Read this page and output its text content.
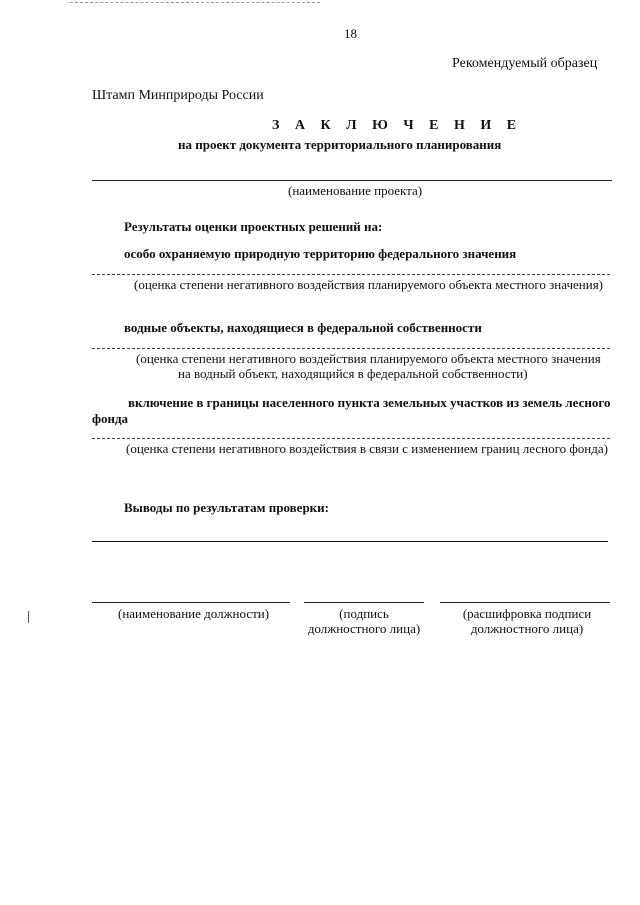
18
Рекомендуемый образец
Штамп Минприроды России
З А К Л Ю Ч Е Н И Е
на проект документа территориального планирования
(наименование проекта)
Результаты оценки проектных решений на:
особо охраняемую природную территорию федерального значения
(оценка степени негативного воздействия планируемого объекта местного значения)
водные объекты, находящиеся в федеральной собственности
(оценка степени негативного воздействия планируемого объекта местного значения
на водный объект, находящийся в федеральной собственности)
включение в границы населенного пункта земельных участков из земель лесного
фонда
(оценка степени негативного воздействия в связи с изменением границ лесного фонда)
Выводы по результатам проверки:
(наименование должности)	(подпись
должностного лица)
(расшифровка подписи
должностного лица)
